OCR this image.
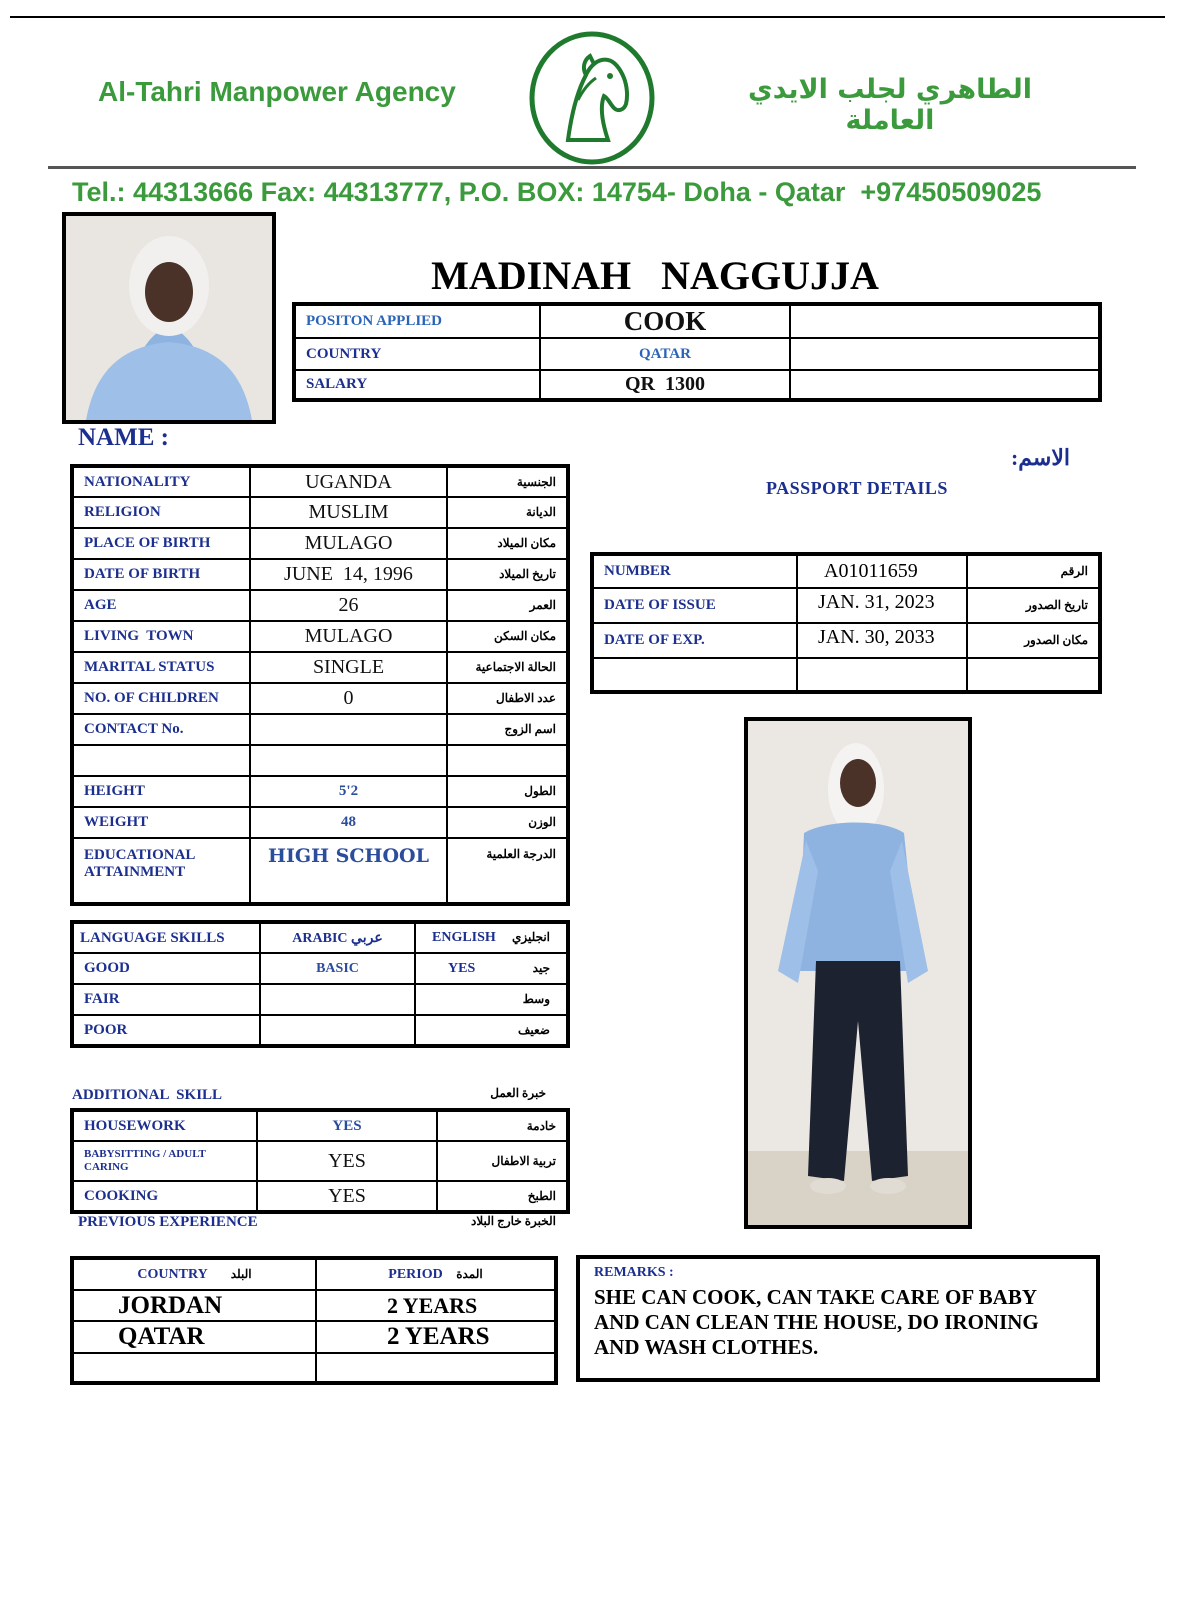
Al-Tahri Manpower Agency	الطاهري لجلب الايدي العاملة
Tel.: 44313666 Fax: 44313777, P.O. BOX: 14754- Doha - Qatar  +97450509025
MADINAH   NAGGUJJA
POSITON APPLIED	COOK	
COUNTRY	QATAR	
SALARY	QR  1300	
NAME :
الاسم:
NATIONALITY	UGANDA	الجنسية
RELIGION	MUSLIM	الديانة
PLACE OF BIRTH	MULAGO	مكان الميلاد
DATE OF BIRTH	JUNE  14, 1996	تاريخ الميلاد
AGE	26	العمر
LIVING  TOWN	MULAGO	مكان السكن
MARITAL STATUS	SINGLE	الحالة الاجتماعية
NO. OF CHILDREN	0	عدد الاطفال
CONTACT No.		اسم الزوج

HEIGHT	5'2	الطول
WEIGHT	48	الوزن
EDUCATIONAL ATTAINMENT	HIGH SCHOOL	الدرجة العلمية
LANGUAGE SKILLS	ARABIC عربي	ENGLISH انجليزي

GOOD	BASIC	YES جيد

FAIR		وسط

POOR		ضعيف
ADDITIONAL  SKILL	خبرة العمل
HOUSEWORK	YES	خادمة
BABYSITTING / ADULT CARING	YES	تربية الاطفال
COOKING	YES	الطبخ
PREVIOUS EXPERIENCE	الخبرة خارج البلاد
COUNTRY البلد	PERIOD المدة
JORDAN	2 YEARS
QATAR	2 YEARS

PASSPORT DETAILS
NUMBER	A01011659	الرقم
DATE OF ISSUE	JAN. 31, 2023	تاريخ الصدور
DATE OF EXP.	JAN. 30, 2033	مكان الصدور

REMARKS :
SHE CAN COOK, CAN TAKE CARE OF BABY AND CAN CLEAN THE HOUSE, DO IRONING AND WASH CLOTHES.
